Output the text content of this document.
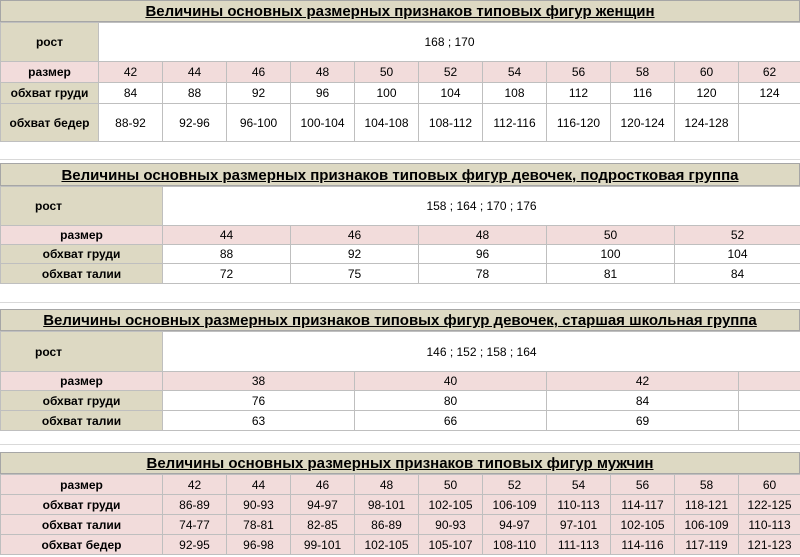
Величины основных размерных признаков типовых фигур женщин
рост	168 ; 170										
размер	42	44	46	48	50	52	54	56	58	60	62
обхват груди	84	88	92	96	100	104	108	112	116	120	124
обхват бедер	88-92	92-96	96-100	100-104	104-108	108-112	112-116	116-120	120-124	124-128	
Величины основных размерных признаков типовых фигур девочек, подростковая группа
рост	158 ; 164 ; 170 ; 176				
размер	44	46	48	50	52
обхват груди	88	92	96	100	104
обхват талии	72	75	78	81	84
Величины основных размерных признаков типовых фигур девочек, старшая школьная группа
рост	146 ; 152 ; 158 ; 164			
размер	38	40	42	
обхват груди	76	80	84	
обхват талии	63	66	69	
Величины основных размерных признаков типовых фигур мужчин
размер	42	44	46	48	50	52	54	56	58	60
обхват груди	86-89	90-93	94-97	98-101	102-105	106-109	110-113	114-117	118-121	122-125
обхват талии	74-77	78-81	82-85	86-89	90-93	94-97	97-101	102-105	106-109	110-113
обхват бедер	92-95	96-98	99-101	102-105	105-107	108-110	111-113	114-116	117-119	121-123
